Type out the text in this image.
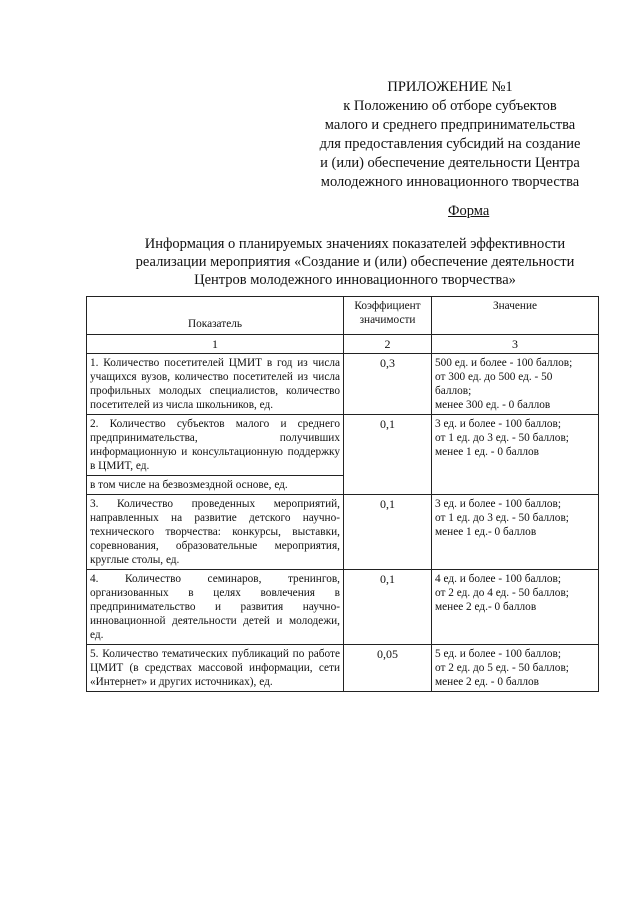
ПРИЛОЖЕНИЕ №1
к Положению об отборе субъектов
малого и среднего предпринимательства
для предоставления субсидий на создание
и (или) обеспечение деятельности Центра
молодежного инновационного творчества
Форма
Информация о планируемых значениях показателей эффективности
реализации мероприятия «Создание и (или) обеспечение деятельности
Центров молодежного инновационного творчества»
Показатель	Коэффициент значимости	Значение
1	2	3
1. Количество посетителей ЦМИТ в год из числа учащихся вузов, количество посетителей из числа профильных молодых специалистов, количество посетителей из числа школьников, ед.	0,3	500 ед. и более - 100 баллов;
от 300 ед. до 500 ед. - 50
баллов;
менее 300 ед. - 0 баллов

2. Количество субъектов малого и среднего предпринимательства, получивших информационную и консультационную поддержку в ЦМИТ, ед.	0,1	3 ед. и более - 100 баллов;
от 1 ед. до 3 ед. - 50 баллов;
менее 1 ед. - 0 баллов

в том числе на безвозмездной основе, ед.		
3. Количество проведенных мероприятий, направленных на развитие детского научно-технического творчества: конкурсы, выставки, соревнования, образовательные мероприятия, круглые столы, ед.	0,1	3 ед. и более - 100 баллов;
от 1 ед. до 3 ед. - 50 баллов;
менее 1 ед.- 0 баллов

4. Количество семинаров, тренингов, организованных в целях вовлечения в предпринимательство и развития научно-инновационной деятельности детей и молодежи, ед.	0,1	4 ед. и более - 100 баллов;
от 2 ед. до 4 ед. - 50 баллов;
менее 2 ед.- 0 баллов

5. Количество тематических публикаций по работе ЦМИТ (в средствах массовой информации, сети «Интернет» и других источниках), ед.	0,05	5 ед. и более - 100 баллов;
от 2 ед. до 5 ед. - 50 баллов;
менее 2 ед. - 0 баллов
